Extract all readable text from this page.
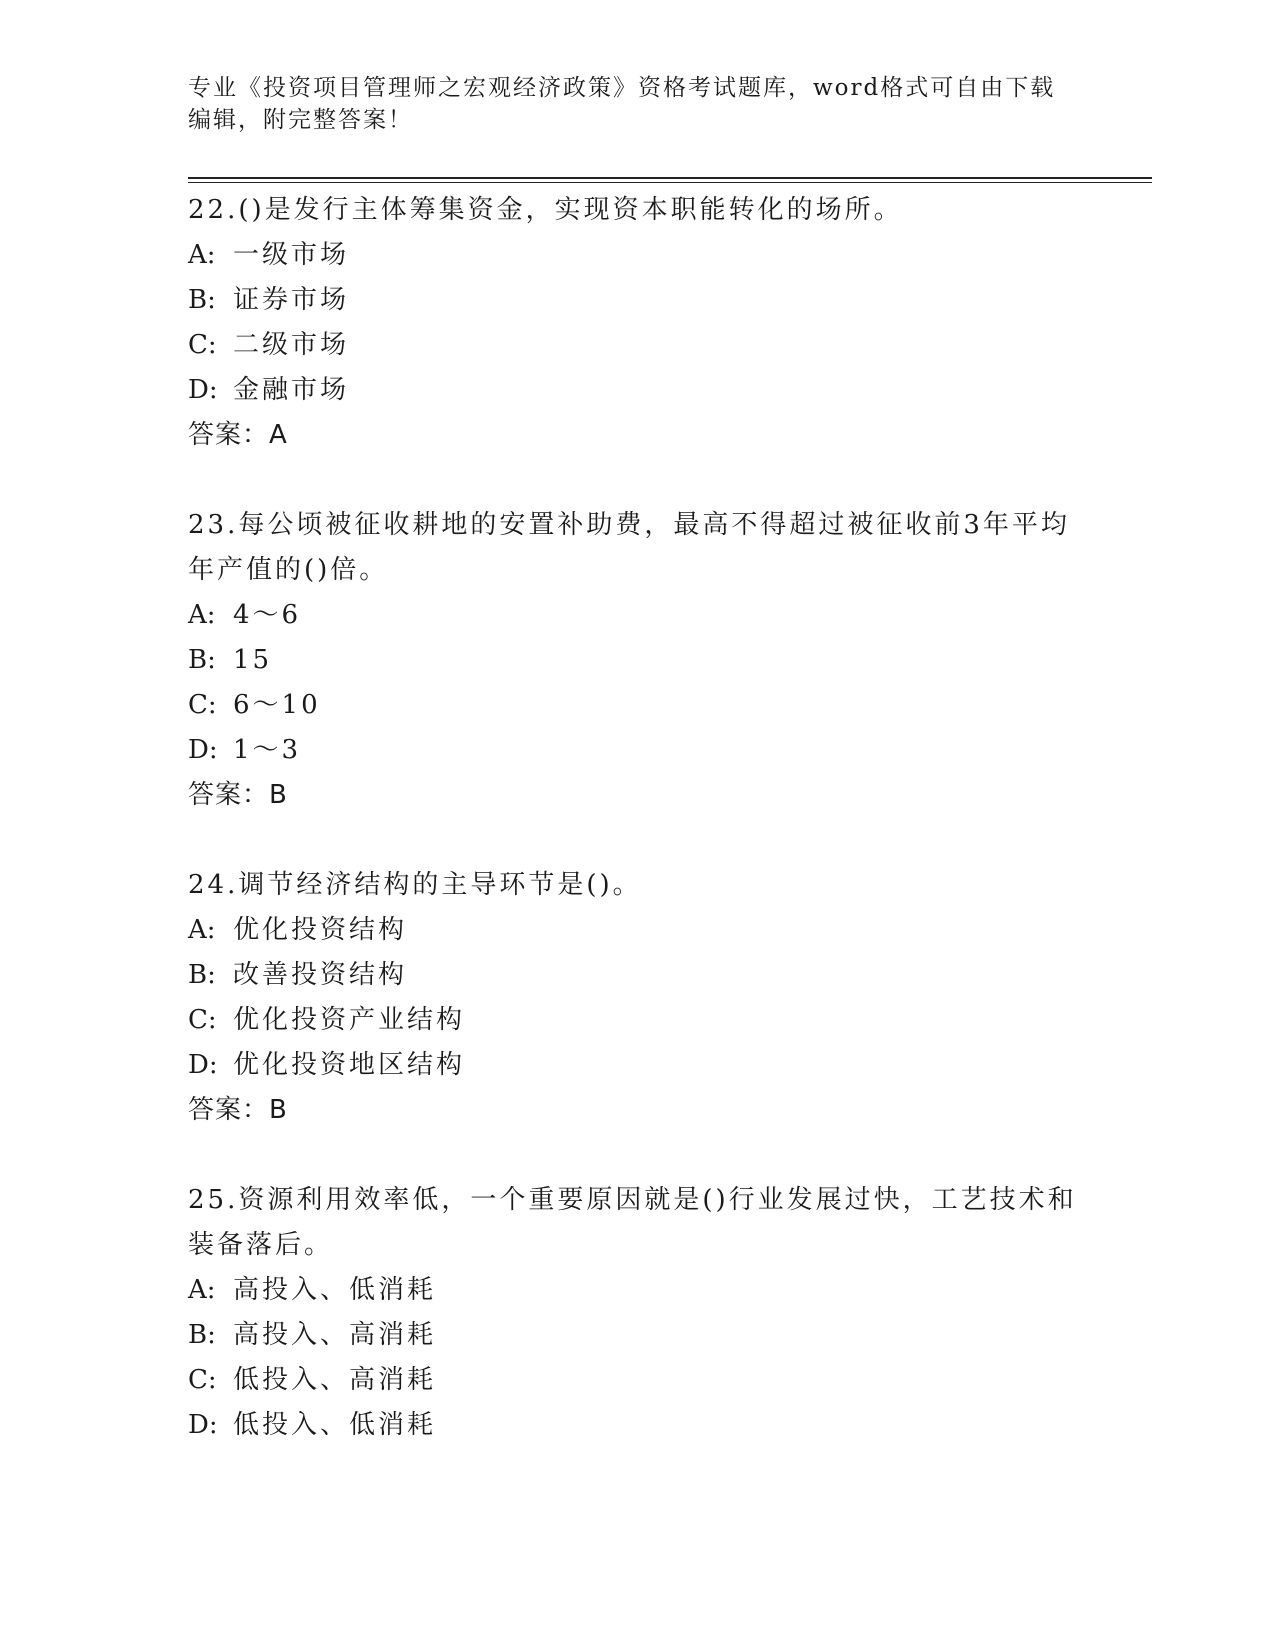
专业《投资项目管理师之宏观经济政策》资格考试题库，word格式可自由下载编辑，附完整答案！
22.()是发行主体筹集资金，实现资本职能转化的场所。
A: 一级市场
B: 证券市场
C: 二级市场
D: 金融市场
答案：A
23.每公顷被征收耕地的安置补助费，最高不得超过被征收前3年平均年产值的()倍。
A: 4～6
B: 15
C: 6～10
D: 1～3
答案：B
24.调节经济结构的主导环节是()。
A: 优化投资结构
B: 改善投资结构
C: 优化投资产业结构
D: 优化投资地区结构
答案：B
25.资源利用效率低，一个重要原因就是()行业发展过快，工艺技术和装备落后。
A: 高投入、低消耗
B: 高投入、高消耗
C: 低投入、高消耗
D: 低投入、低消耗
